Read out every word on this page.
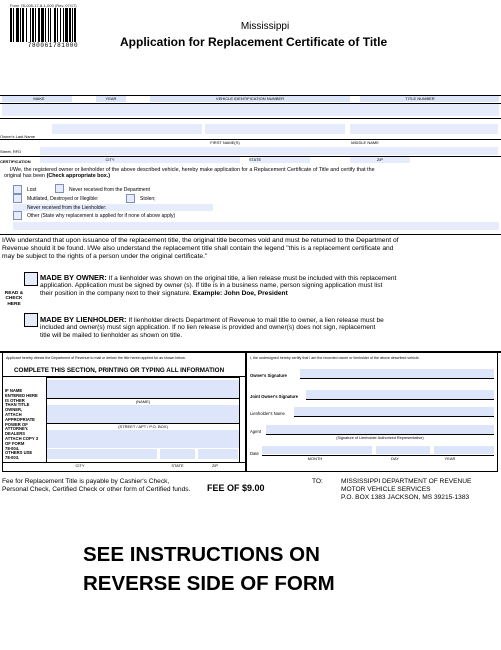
Form 78-005-17-8-1-000 (Rev. 07/17)
780061781000
Mississippi
Application for Replacement Certificate of Title
MAKE	YEAR	VEHICLE IDENTIFICATION NUMBER	TITLE NUMBER
Owner's Last Name
FIRST NAME(S)	MIDDLE NAME
Street, RFD
CERTIFICATION	CITY	STATE	ZIP
I/We, the registered owner or lienholder of the above described vehicle, hereby make application for a Replacement Certificate of Title and certify that the
original has been (Check appropriate box.)
Lost	Never received from the Department
Mutilated, Destroyed or Illegible:	Stolen;
Never received from the Lienholder:
Other (State why replacement is applied for if none of above apply)
I/We understand that upon issuance of the replacement title, the original title becomes void and must be returned to the Department of
Revenue should it be found. I/We also understand the replacement title shall contain the legend "this is a replacement certificate and
may be subject to the rights of a person under the original certificate."
MADE BY OWNER: If a lienholder was shown on the original title, a lien release must be included with this replacement
application. Application must be signed by owner (s). If title is in a business name, person signing application must list
their position in the company next to their signature. Example: John Doe, President
READ &
CHECK
HERE
MADE BY LIENHOLDER: If lienholder directs Department of Revenue to mail title to owner, a lien release must be
included and owner(s) must sign application. If no lien release is provided and owner(s) does not sign, replacement
title will be mailed to lienholder as shown on title.
Applicant hereby directs the Department of Revenue to mail or deliver the title herein applied for as shown below.
COMPLETE THIS SECTION, PRINTING OR TYPING ALL INFORMATION
IF NAME
ENTERED HERE
IS OTHER
THAN TITLE
OWNER,
ATTACH
APPROPRIATE
POWER OF
ATTORNEY.
DEALERS
ATTACH COPY 3
OF FORM
78-004.
OTHERS USE
78-003.
(NAME)
(STREET / APT / P.O. BOX)
CITY	STATE	ZIP
I, the undersigned hereby certify that I am the recorded owner or lienholder of the above described vehicle.
Owner's Signature
Joint Owner's Signature
Lienholder's Name
Agent
(Signature of Lienholder Authorized Representative)
Date
MONTH	DAY	YEAR
Fee for Replacement Title is payable by Cashier's Check,
Personal Check, Certified Check or other form of Certified funds.	FEE OF $9.00
TO:	MISSISSIPPI DEPARTMENT OF REVENUE
MOTOR VEHICLE SERVICES
P.O. BOX 1383 JACKSON, MS 39215-1383
SEE INSTRUCTIONS ON
REVERSE SIDE OF FORM
